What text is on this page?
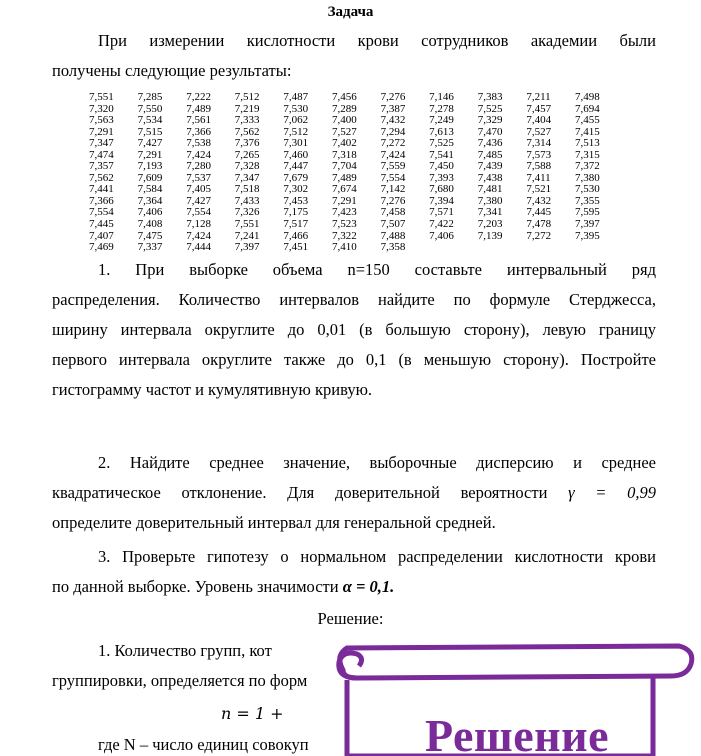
Задача
При измерении кислотности крови сотрудников академии были
получены следующие результаты:
7,551	7,285	7,222	7,512	7,487	7,456	7,276	7,146	7,383	7,211	7,498
7,320	7,550	7,489	7,219	7,530	7,289	7,387	7,278	7,525	7,457	7,694
7,563	7,534	7,561	7,333	7,062	7,400	7,432	7,249	7,329	7,404	7,455
7,291	7,515	7,366	7,562	7,512	7,527	7,294	7,613	7,470	7,527	7,415
7,347	7,427	7,538	7,376	7,301	7,402	7,272	7,525	7,436	7,314	7,513
7,474	7,291	7,424	7,265	7,460	7,318	7,424	7,541	7,485	7,573	7,315
7,357	7,193	7,280	7,328	7,447	7,704	7,559	7,450	7,439	7,588	7,372
7,562	7,609	7,537	7,347	7,679	7,489	7,554	7,393	7,438	7,411	7,380
7,441	7,584	7,405	7,518	7,302	7,674	7,142	7,680	7,481	7,521	7,530
7,366	7,364	7,427	7,433	7,453	7,291	7,276	7,394	7,380	7,432	7,355
7,554	7,406	7,554	7,326	7,175	7,423	7,458	7,571	7,341	7,445	7,595
7,445	7,408	7,128	7,551	7,517	7,523	7,507	7,422	7,203	7,478	7,397
7,407	7,475	7,424	7,241	7,466	7,322	7,488	7,406	7,139	7,272	7,395
7,469	7,337	7,444	7,397	7,451	7,410	7,358				
1. При выборке объема n=150 составьте интервальный ряд
распределения. Количество интервалов найдите по формуле Стерджесса,
ширину интервала округлите до 0,01 (в большую сторону), левую границу
первого интервала округлите также до 0,1 (в меньшую сторону). Постройте
гистограмму частот и кумулятивную кривую.
2. Найдите среднее значение, выборочные дисперсию и среднее
квадратическое отклонение. Для доверительной вероятности γ = 0,99
определите доверительный интервал для генеральной средней.
3. Проверьте гипотезу о нормальном распределении кислотности крови
по данной выборке. Уровень значимости α = 0,1.
Решение:
1. Количество групп, кот
группировки, определяется по форм
n = 1 +
где N – число единиц совокуп	Решение
